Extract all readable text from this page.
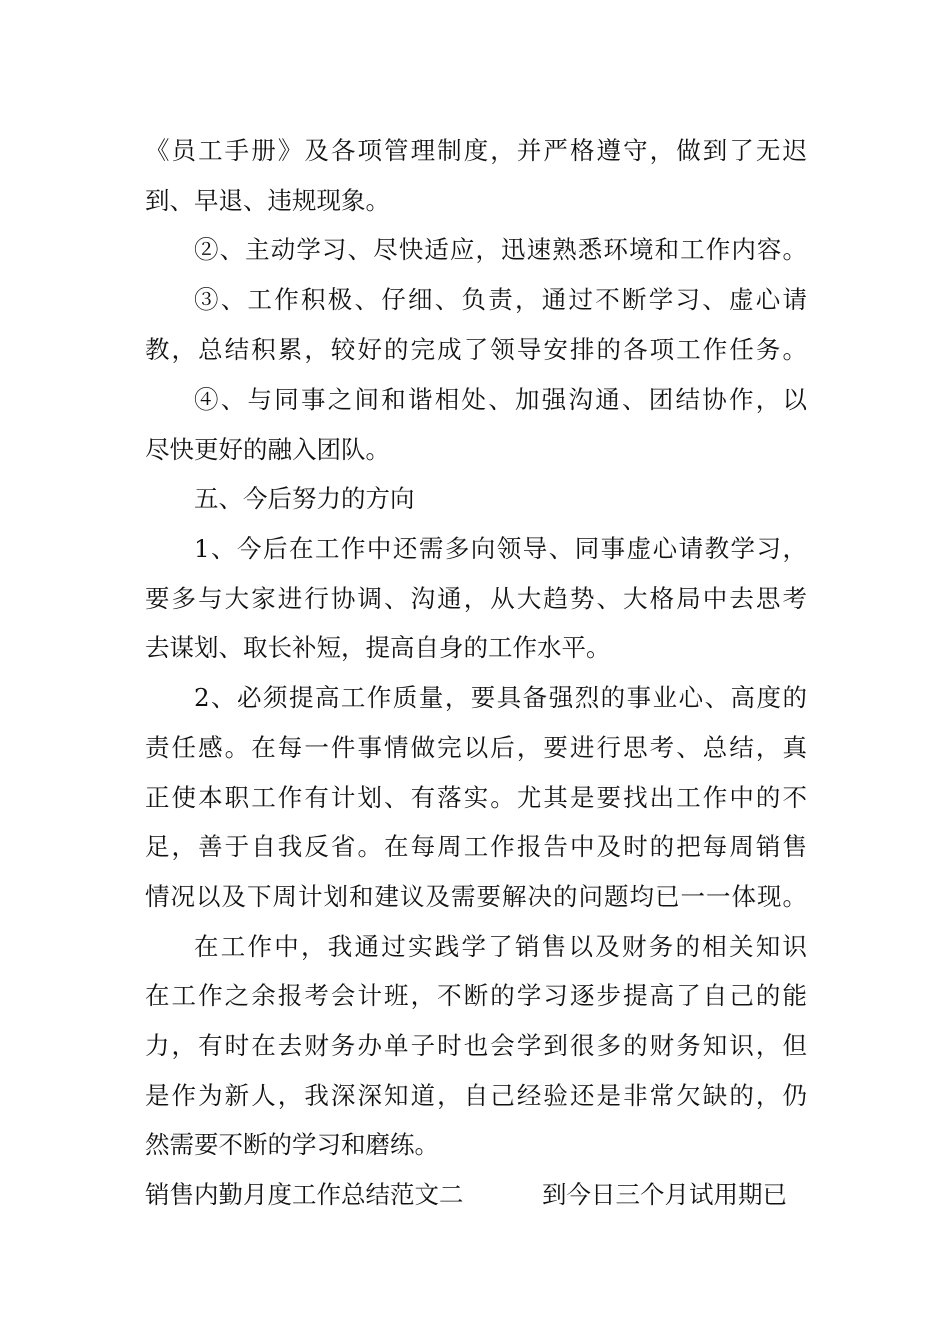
《员工手册》及各项管理制度，并严格遵守，做到了无迟
到、早退、违规现象。
②、主动学习、尽快适应，迅速熟悉环境和工作内容。
③、工作积极、仔细、负责，通过不断学习、虚心请
教，总结积累，较好的完成了领导安排的各项工作任务。
④、与同事之间和谐相处、加强沟通、团结协作，以
尽快更好的融入团队。
五、今后努力的方向
1、今后在工作中还需多向领导、同事虚心请教学习，
要多与大家进行协调、沟通，从大趋势、大格局中去思考
去谋划、取长补短，提高自身的工作水平。
2、必须提高工作质量，要具备强烈的事业心、高度的
责任感。在每一件事情做完以后，要进行思考、总结，真
正使本职工作有计划、有落实。尤其是要找出工作中的不
足，善于自我反省。在每周工作报告中及时的把每周销售
情况以及下周计划和建议及需要解决的问题均已一一体现。
在工作中，我通过实践学了销售以及财务的相关知识
在工作之余报考会计班，不断的学习逐步提高了自己的能
力，有时在去财务办单子时也会学到很多的财务知识，但
是作为新人，我深深知道，自己经验还是非常欠缺的，仍
然需要不断的学习和磨练。
销售内勤月度工作总结范文二	到今日三个月试用期已
